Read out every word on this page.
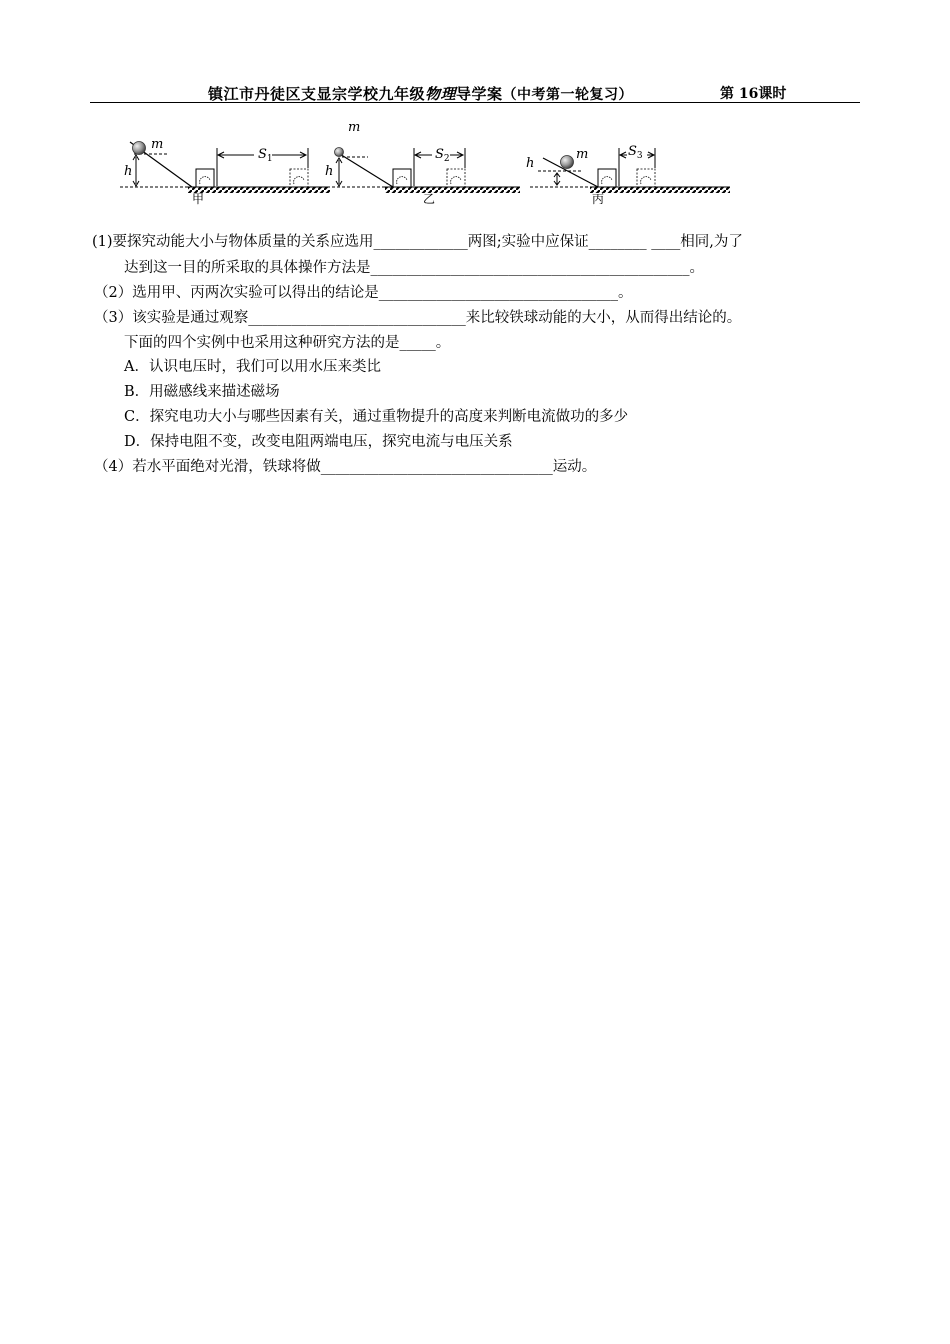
镇江市丹徒区支显宗学校九年级物理导学案（中考第一轮复习）	第 16课时
m
h
$S_1$
甲
m
h
$S_2$
乙
m
h
$S_3$
丙
(1)要探究动能大小与物体质量的关系应选用_____________两图;实验中应保证________ ____相同,为了
达到这一目的所采取的具体操作方法是____________________________________________。
（2）选用甲、丙两次实验可以得出的结论是_________________________________。
（3）该实验是通过观察______________________________来比较铁球动能的大小，从而得出结论的。
下面的四个实例中也采用这种研究方法的是_____。
A．认识电压时，我们可以用水压来类比
B．用磁感线来描述磁场
C．探究电功大小与哪些因素有关，通过重物提升的高度来判断电流做功的多少
D．保持电阻不变，改变电阻两端电压，探究电流与电压关系
（4）若水平面绝对光滑，铁球将做________________________________运动。
